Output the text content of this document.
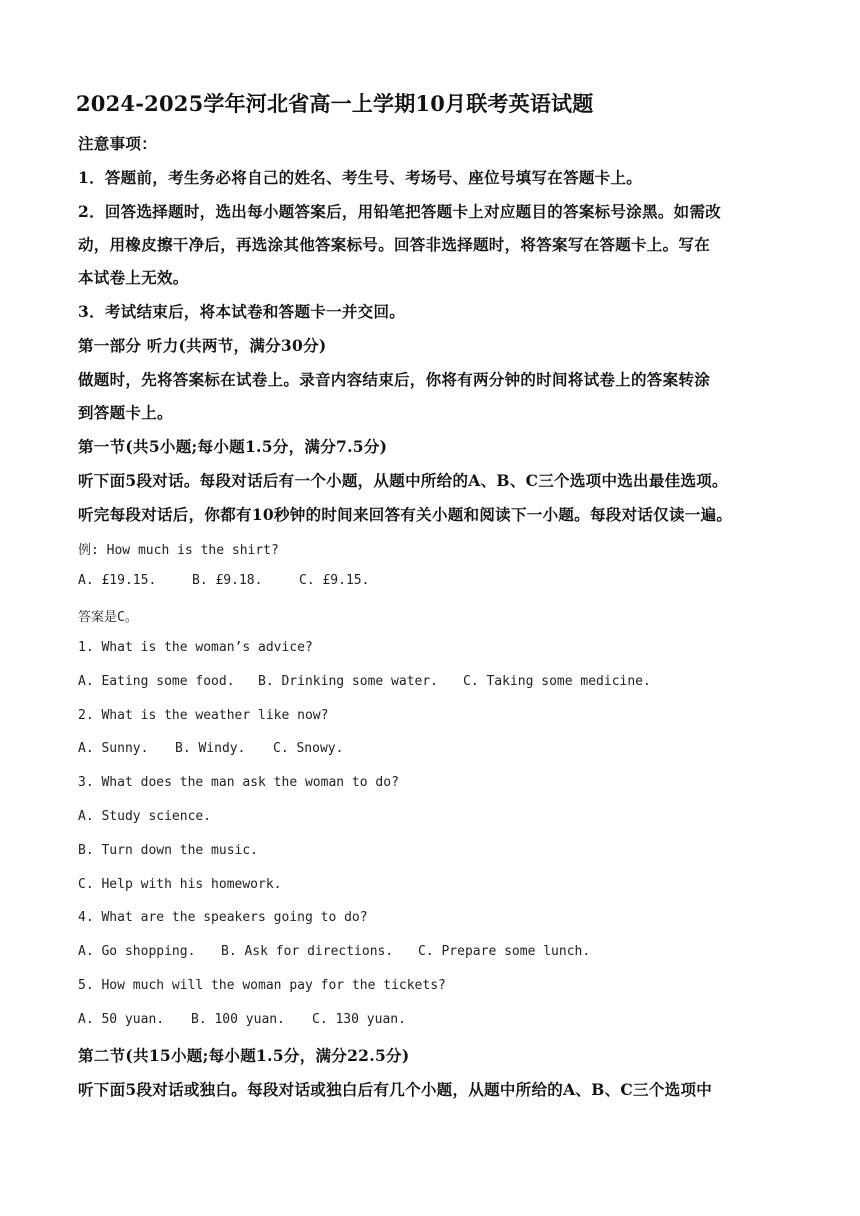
2024-2025学年河北省高一上学期10月联考英语试题
注意事项：
1．答题前，考生务必将自己的姓名、考生号、考场号、座位号填写在答题卡上。
2．回答选择题时，选出每小题答案后，用铅笔把答题卡上对应题目的答案标号涂黑。如需改
动，用橡皮擦干净后，再选涂其他答案标号。回答非选择题时，将答案写在答题卡上。写在
本试卷上无效。
3．考试结束后，将本试卷和答题卡一并交回。
第一部分 听力(共两节，满分30分)
做题时，先将答案标在试卷上。录音内容结束后，你将有两分钟的时间将试卷上的答案转涂
到答题卡上。
第一节(共5小题;每小题1.5分，满分7.5分)
听下面5段对话。每段对话后有一个小题，从题中所给的A、B、C三个选项中选出最佳选项。
听完每段对话后，你都有10秒钟的时间来回答有关小题和阅读下一小题。每段对话仅读一遍。
例: How much is the shirt?
A. £19.15.	B. £9.18.	C. £9.15.
答案是C。
1. What is the woman’s advice?
A. Eating some food. B. Drinking some water. C. Taking some medicine.
2. What is the weather like now?
A. Sunny. B. Windy. C. Snowy.
3. What does the man ask the woman to do?
A. Study science.
B. Turn down the music.
C. Help with his homework.
4. What are the speakers going to do?
A. Go shopping. B. Ask for directions. C. Prepare some lunch.
5. How much will the woman pay for the tickets?
A. 50 yuan. B. 100 yuan. C. 130 yuan.
第二节(共15小题;每小题1.5分，满分22.5分)
听下面5段对话或独白。每段对话或独白后有几个小题，从题中所给的A、B、C三个选项中
